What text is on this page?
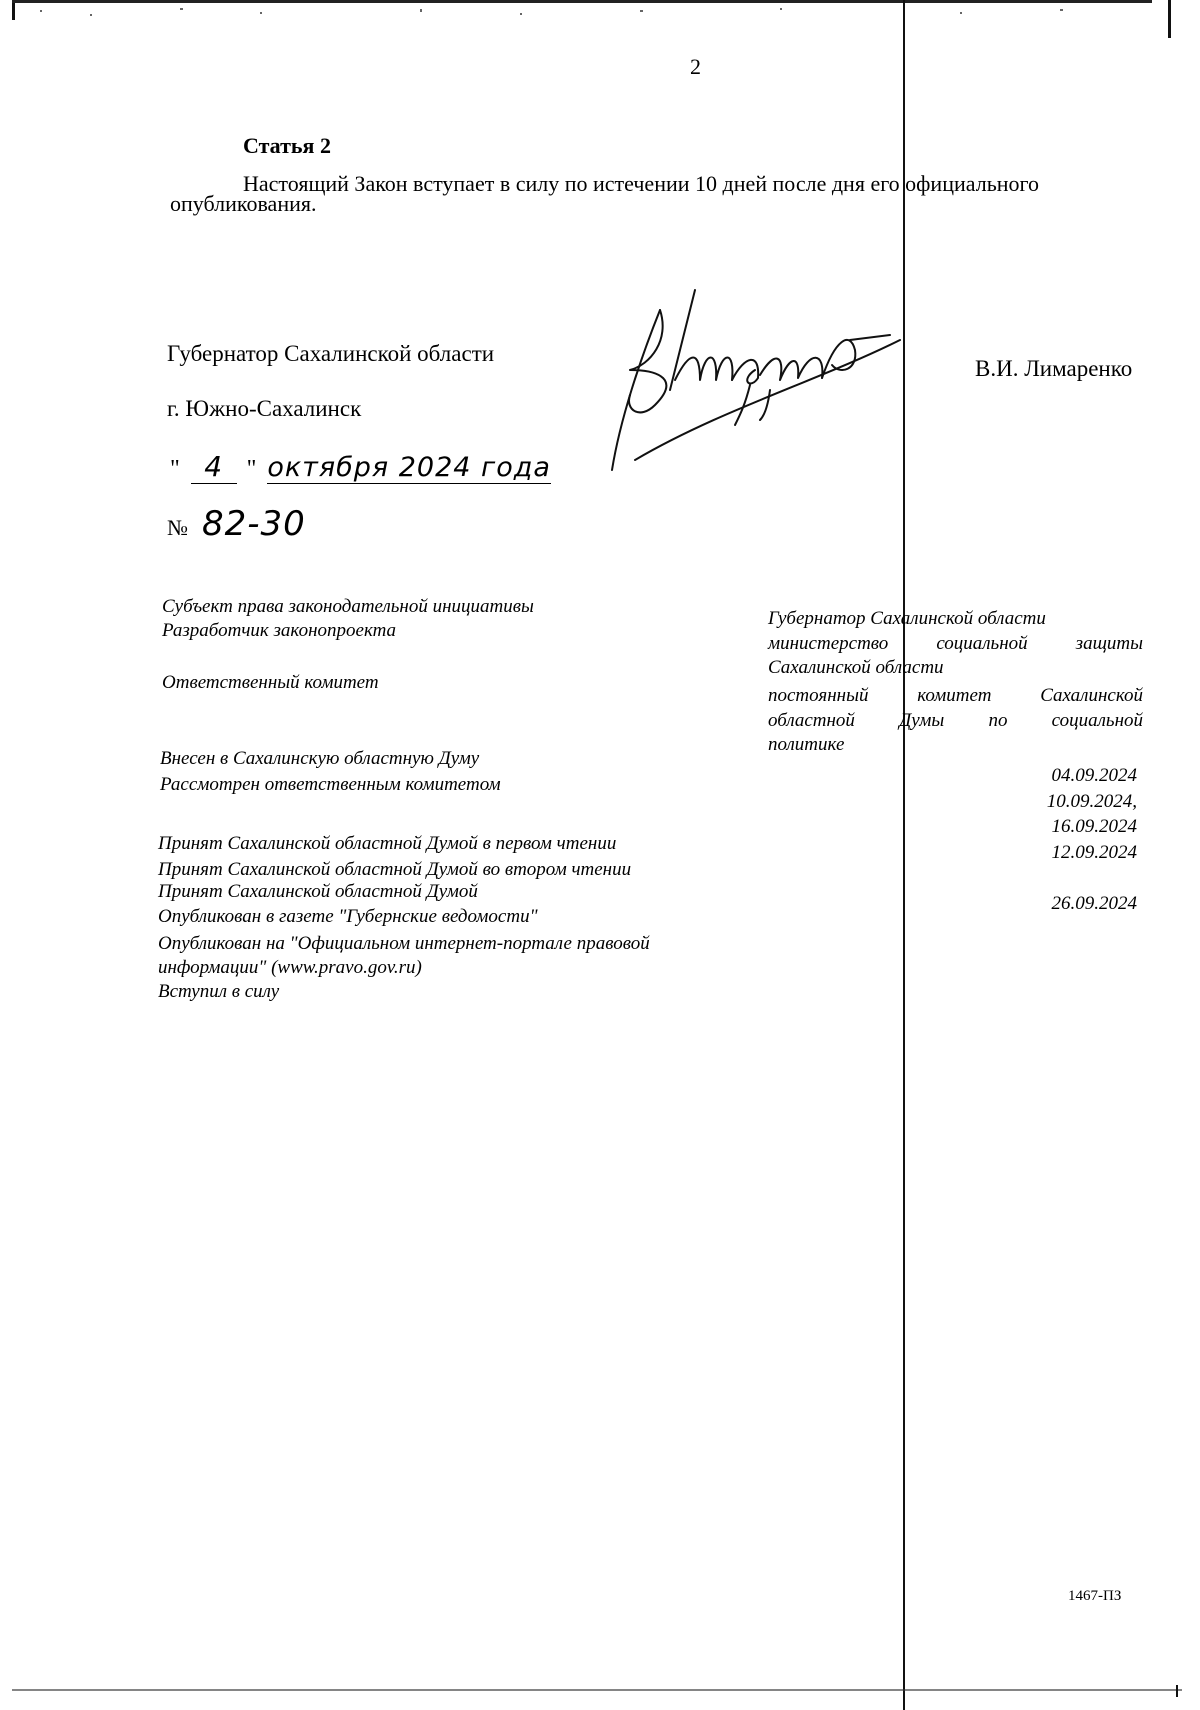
2
Статья 2
Настоящий Закон вступает в силу по истечении 10 дней после дня его официального
опубликования.
Губернатор Сахалинской области
В.И. Лимаренко
г. Южно-Сахалинск
" 4 " октября 2024 года
№ 82-30
Субъект права законодательной инициативы
Разработчик законопроекта
Ответственный комитет
Внесен в Сахалинскую областную Думу
Рассмотрен ответственным комитетом
Принят Сахалинской областной Думой в первом чтении
Принят Сахалинской областной Думой во втором чтении
Принят Сахалинской областной Думой
Опубликован в газете "Губернские ведомости"
Опубликован на "Официальном интернет-портале правовой
информации" (www.pravo.gov.ru)
Вступил в силу
Губернатор Сахалинской области
министерство социальной защиты
Сахалинской области
постоянный комитет Сахалинской
областной Думы по социальной
политике
04.09.2024
10.09.2024,
16.09.2024
12.09.2024
26.09.2024
1467-ПЗ
